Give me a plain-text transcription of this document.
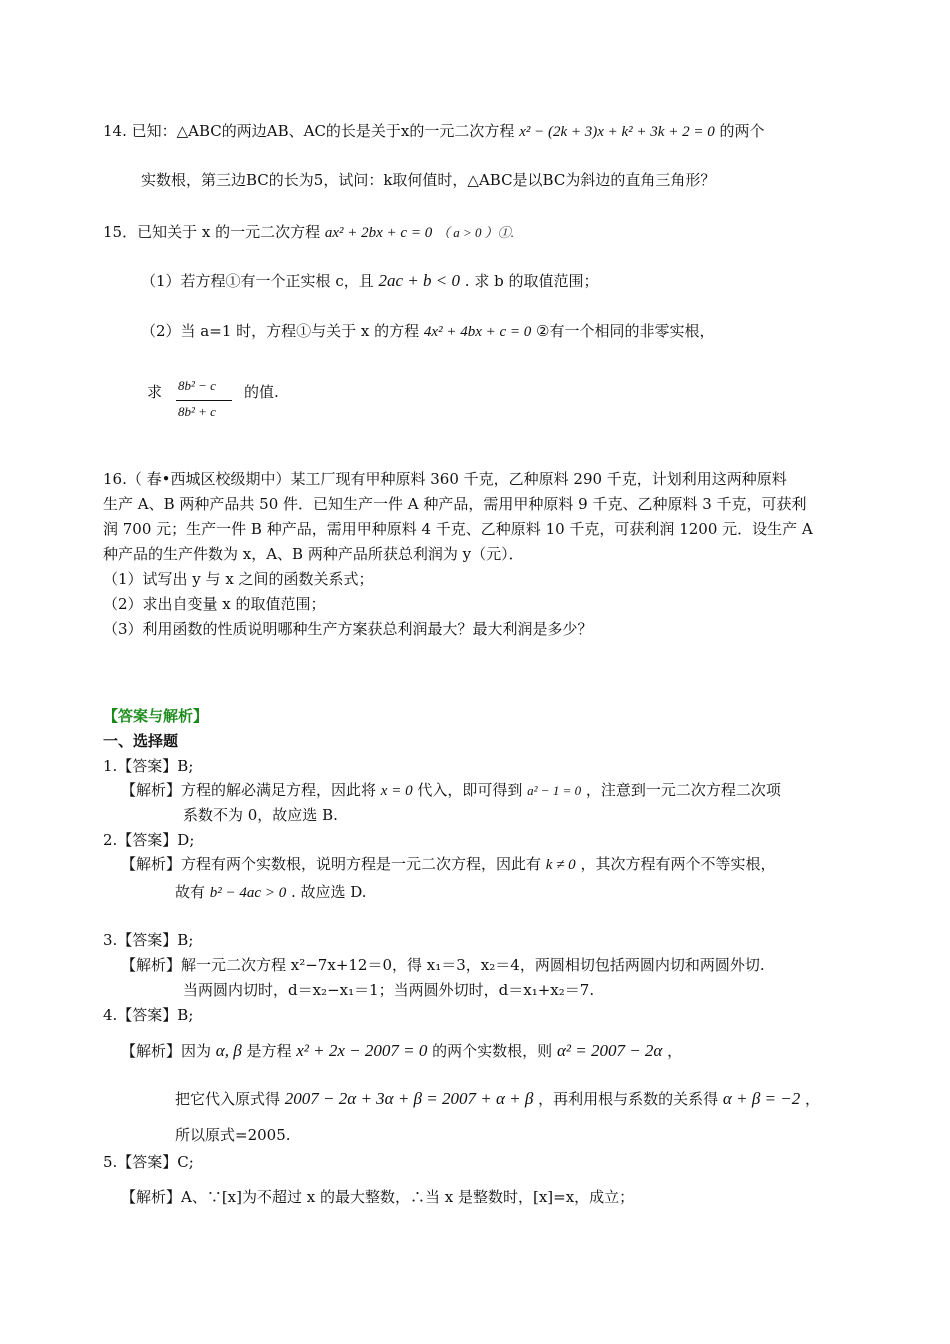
14. 已知：△ABC的两边AB、AC的长是关于x的一元二次方程 x² − (2k + 3)x + k² + 3k + 2 = 0 的两个
实数根，第三边BC的长为5，试问：k取何值时，△ABC是以BC为斜边的直角三角形？
15．已知关于 x 的一元二次方程 ax² + 2bx + c = 0 （ a > 0 ）①.
（1）若方程①有一个正实根 c，且 2ac + b < 0 . 求 b 的取值范围；
（2）当 a=1 时，方程①与关于 x 的方程 4x² + 4bx + c = 0 ②有一个相同的非零实根，
求 8b² − c
8b² + c
的值.
16.（ 春•西城区校级期中）某工厂现有甲种原料 360 千克，乙种原料 290 千克，计划利用这两种原料
生产 A、B 两种产品共 50 件．已知生产一件 A 种产品，需用甲种原料 9 千克、乙种原料 3 千克，可获利
润 700 元；生产一件 B 种产品，需用甲种原料 4 千克、乙种原料 10 千克，可获利润 1200 元．设生产 A
种产品的生产件数为 x，A、B 两种产品所获总利润为 y（元）．
（1）试写出 y 与 x 之间的函数关系式；
（2）求出自变量 x 的取值范围；
（3）利用函数的性质说明哪种生产方案获总利润最大？最大利润是多少？
【答案与解析】
一、选择题
1.【答案】B;
【解析】方程的解必满足方程，因此将 x = 0 代入，即可得到 a² − 1 = 0 ，注意到一元二次方程二次项
系数不为 0，故应选 B.
2.【答案】D;
【解析】方程有两个实数根，说明方程是一元二次方程，因此有 k ≠ 0 ，其次方程有两个不等实根，
故有 b² − 4ac > 0 . 故应选 D.
3.【答案】B;
【解析】解一元二次方程 x²−7x+12＝0，得 x₁＝3，x₂＝4，两圆相切包括两圆内切和两圆外切.
当两圆内切时，d＝x₂−x₁＝1；当两圆外切时，d＝x₁+x₂＝7.
4.【答案】B;
【解析】因为 α, β 是方程 x² + 2x − 2007 = 0 的两个实数根，则 α² = 2007 − 2α ，
把它代入原式得 2007 − 2α + 3α + β = 2007 + α + β ，再利用根与系数的关系得 α + β = −2 ，
所以原式=2005.
5.【答案】C;
【解析】A、∵[x]为不超过 x 的最大整数，∴当 x 是整数时，[x]=x，成立；
